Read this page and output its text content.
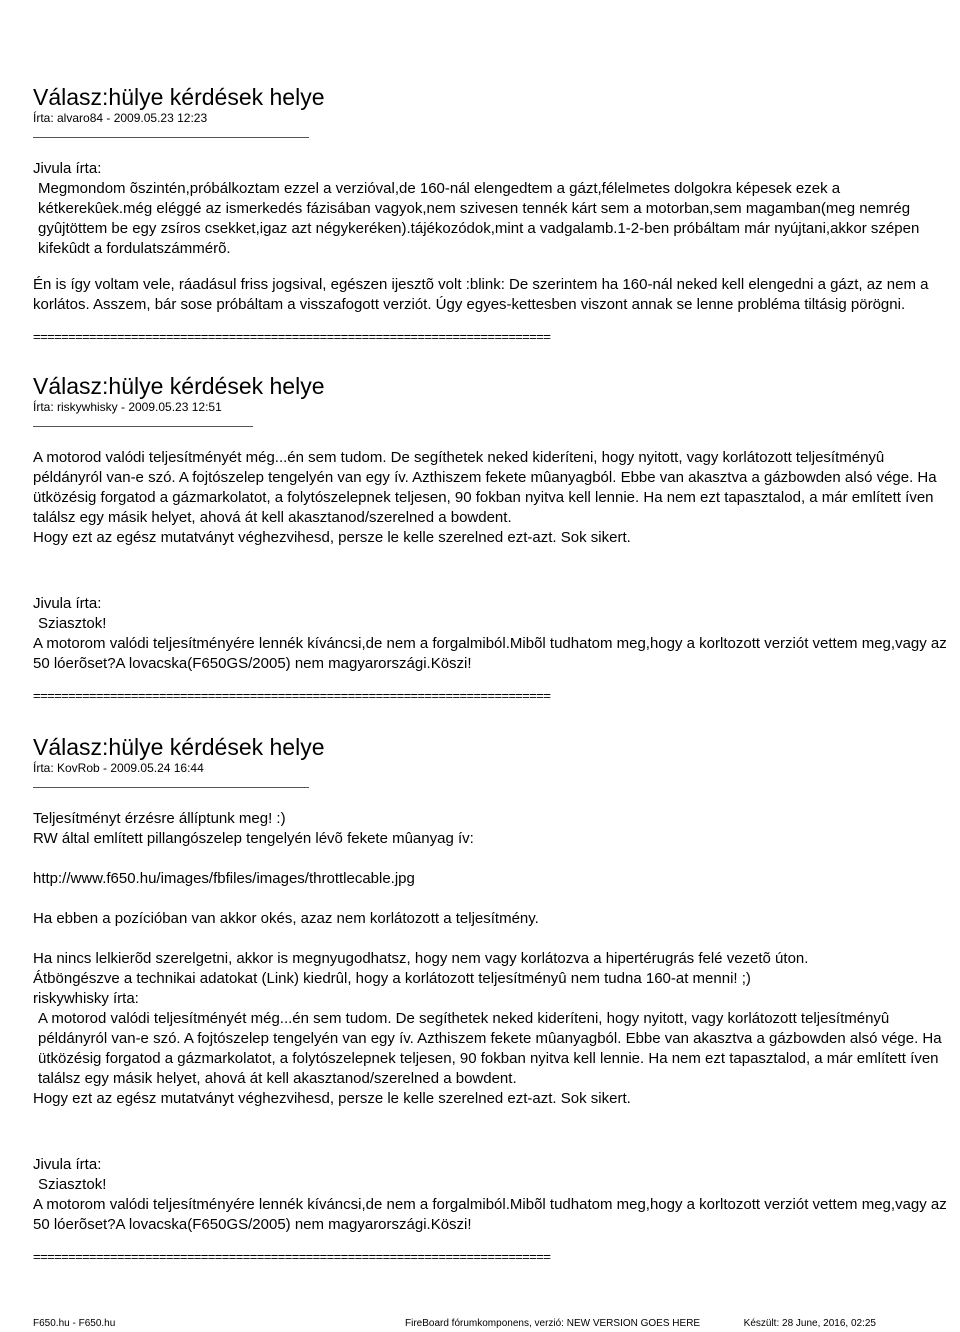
Válasz:hülye kérdések helye

Írta: alvaro84 - 2009.05.23 12:23

Jivula írta:

Megmondom õszintén,próbálkoztam ezzel a verzióval,de 160-nál elengedtem a gázt,félelmetes dolgokra képesek ezek a kétkerekûek.még eléggé az ismerkedés fázisában vagyok,nem szivesen tennék kárt sem a motorban,sem magamban(meg nemrég gyûjtöttem be egy zsíros csekket,igaz azt négykeréken).tájékozódok,mint a vadgalamb.1-2-ben próbáltam már nyújtani,akkor szépen kifekûdt a fordulatszámmérõ.

Én is így voltam vele, ráadásul friss jogsival, egészen ijesztõ volt :blink: De szerintem ha 160-nál neked kell elengedni a gázt, az nem a korlátos. Asszem, bár sose próbáltam a visszafogott verziót. Úgy egyes-kettesben viszont annak se lenne probléma tiltásig pörögni.

==========================================================================
Válasz:hülye kérdések helye

Írta: riskywhisky - 2009.05.23 12:51

A motorod valódi teljesítményét még...én sem tudom. De segíthetek neked kideríteni, hogy nyitott, vagy korlátozott teljesítményû példányról van-e szó. A fojtószelep tengelyén van egy ív. Azthiszem fekete mûanyagból. Ebbe van akasztva a gázbowden alsó vége. Ha ütközésig forgatod a gázmarkolatot, a folytószelepnek teljesen, 90 fokban nyitva kell lennie. Ha nem ezt tapasztalod, a már említett íven találsz egy másik helyet, ahová át kell akasztanod/szerelned a bowdent.

Hogy ezt az egész mutatványt véghezvihesd, persze le kelle szerelned ezt-azt. Sok sikert.

Jivula írta:

Sziasztok!

A motorom valódi teljesítményére lennék kíváncsi,de nem a forgalmiból.Mibõl tudhatom meg,hogy a korltozott verziót vettem meg,vagy az 50 lóerõset?A lovacska(F650GS/2005) nem magyarországi.Köszi!

==========================================================================
Válasz:hülye kérdések helye

Írta: KovRob - 2009.05.24 16:44

Teljesítményt érzésre állíptunk meg! :)

RW által említett pillangószelep tengelyén lévõ fekete mûanyag ív:

http://www.f650.hu/images/fbfiles/images/throttlecable.jpg

Ha ebben a pozícióban van akkor okés, azaz nem korlátozott a teljesítmény.

Ha nincs lelkierõd szerelgetni, akkor is megnyugodhatsz, hogy nem vagy korlátozva a hipertérugrás felé vezetõ úton.

Átböngészve a technikai adatokat (Link) kiedrûl, hogy a korlátozott teljesítményû nem tudna 160-at menni! ;)

riskywhisky írta:

A motorod valódi teljesítményét még...én sem tudom. De segíthetek neked kideríteni, hogy nyitott, vagy korlátozott teljesítményû példányról van-e szó. A fojtószelep tengelyén van egy ív. Azthiszem fekete mûanyagból. Ebbe van akasztva a gázbowden alsó vége. Ha ütközésig forgatod a gázmarkolatot, a folytószelepnek teljesen, 90 fokban nyitva kell lennie. Ha nem ezt tapasztalod, a már említett íven találsz egy másik helyet, ahová át kell akasztanod/szerelned a bowdent.

Hogy ezt az egész mutatványt véghezvihesd, persze le kelle szerelned ezt-azt. Sok sikert.

Jivula írta:

Sziasztok!

A motorom valódi teljesítményére lennék kíváncsi,de nem a forgalmiból.Mibõl tudhatom meg,hogy a korltozott verziót vettem meg,vagy az 50 lóerõset?A lovacska(F650GS/2005) nem magyarországi.Köszi!

==========================================================================
F650.hu - F650.hu	FireBoard fórumkomponens, verzió: NEW VERSION GOES HERE	Készült: 28 June, 2016, 02:25
